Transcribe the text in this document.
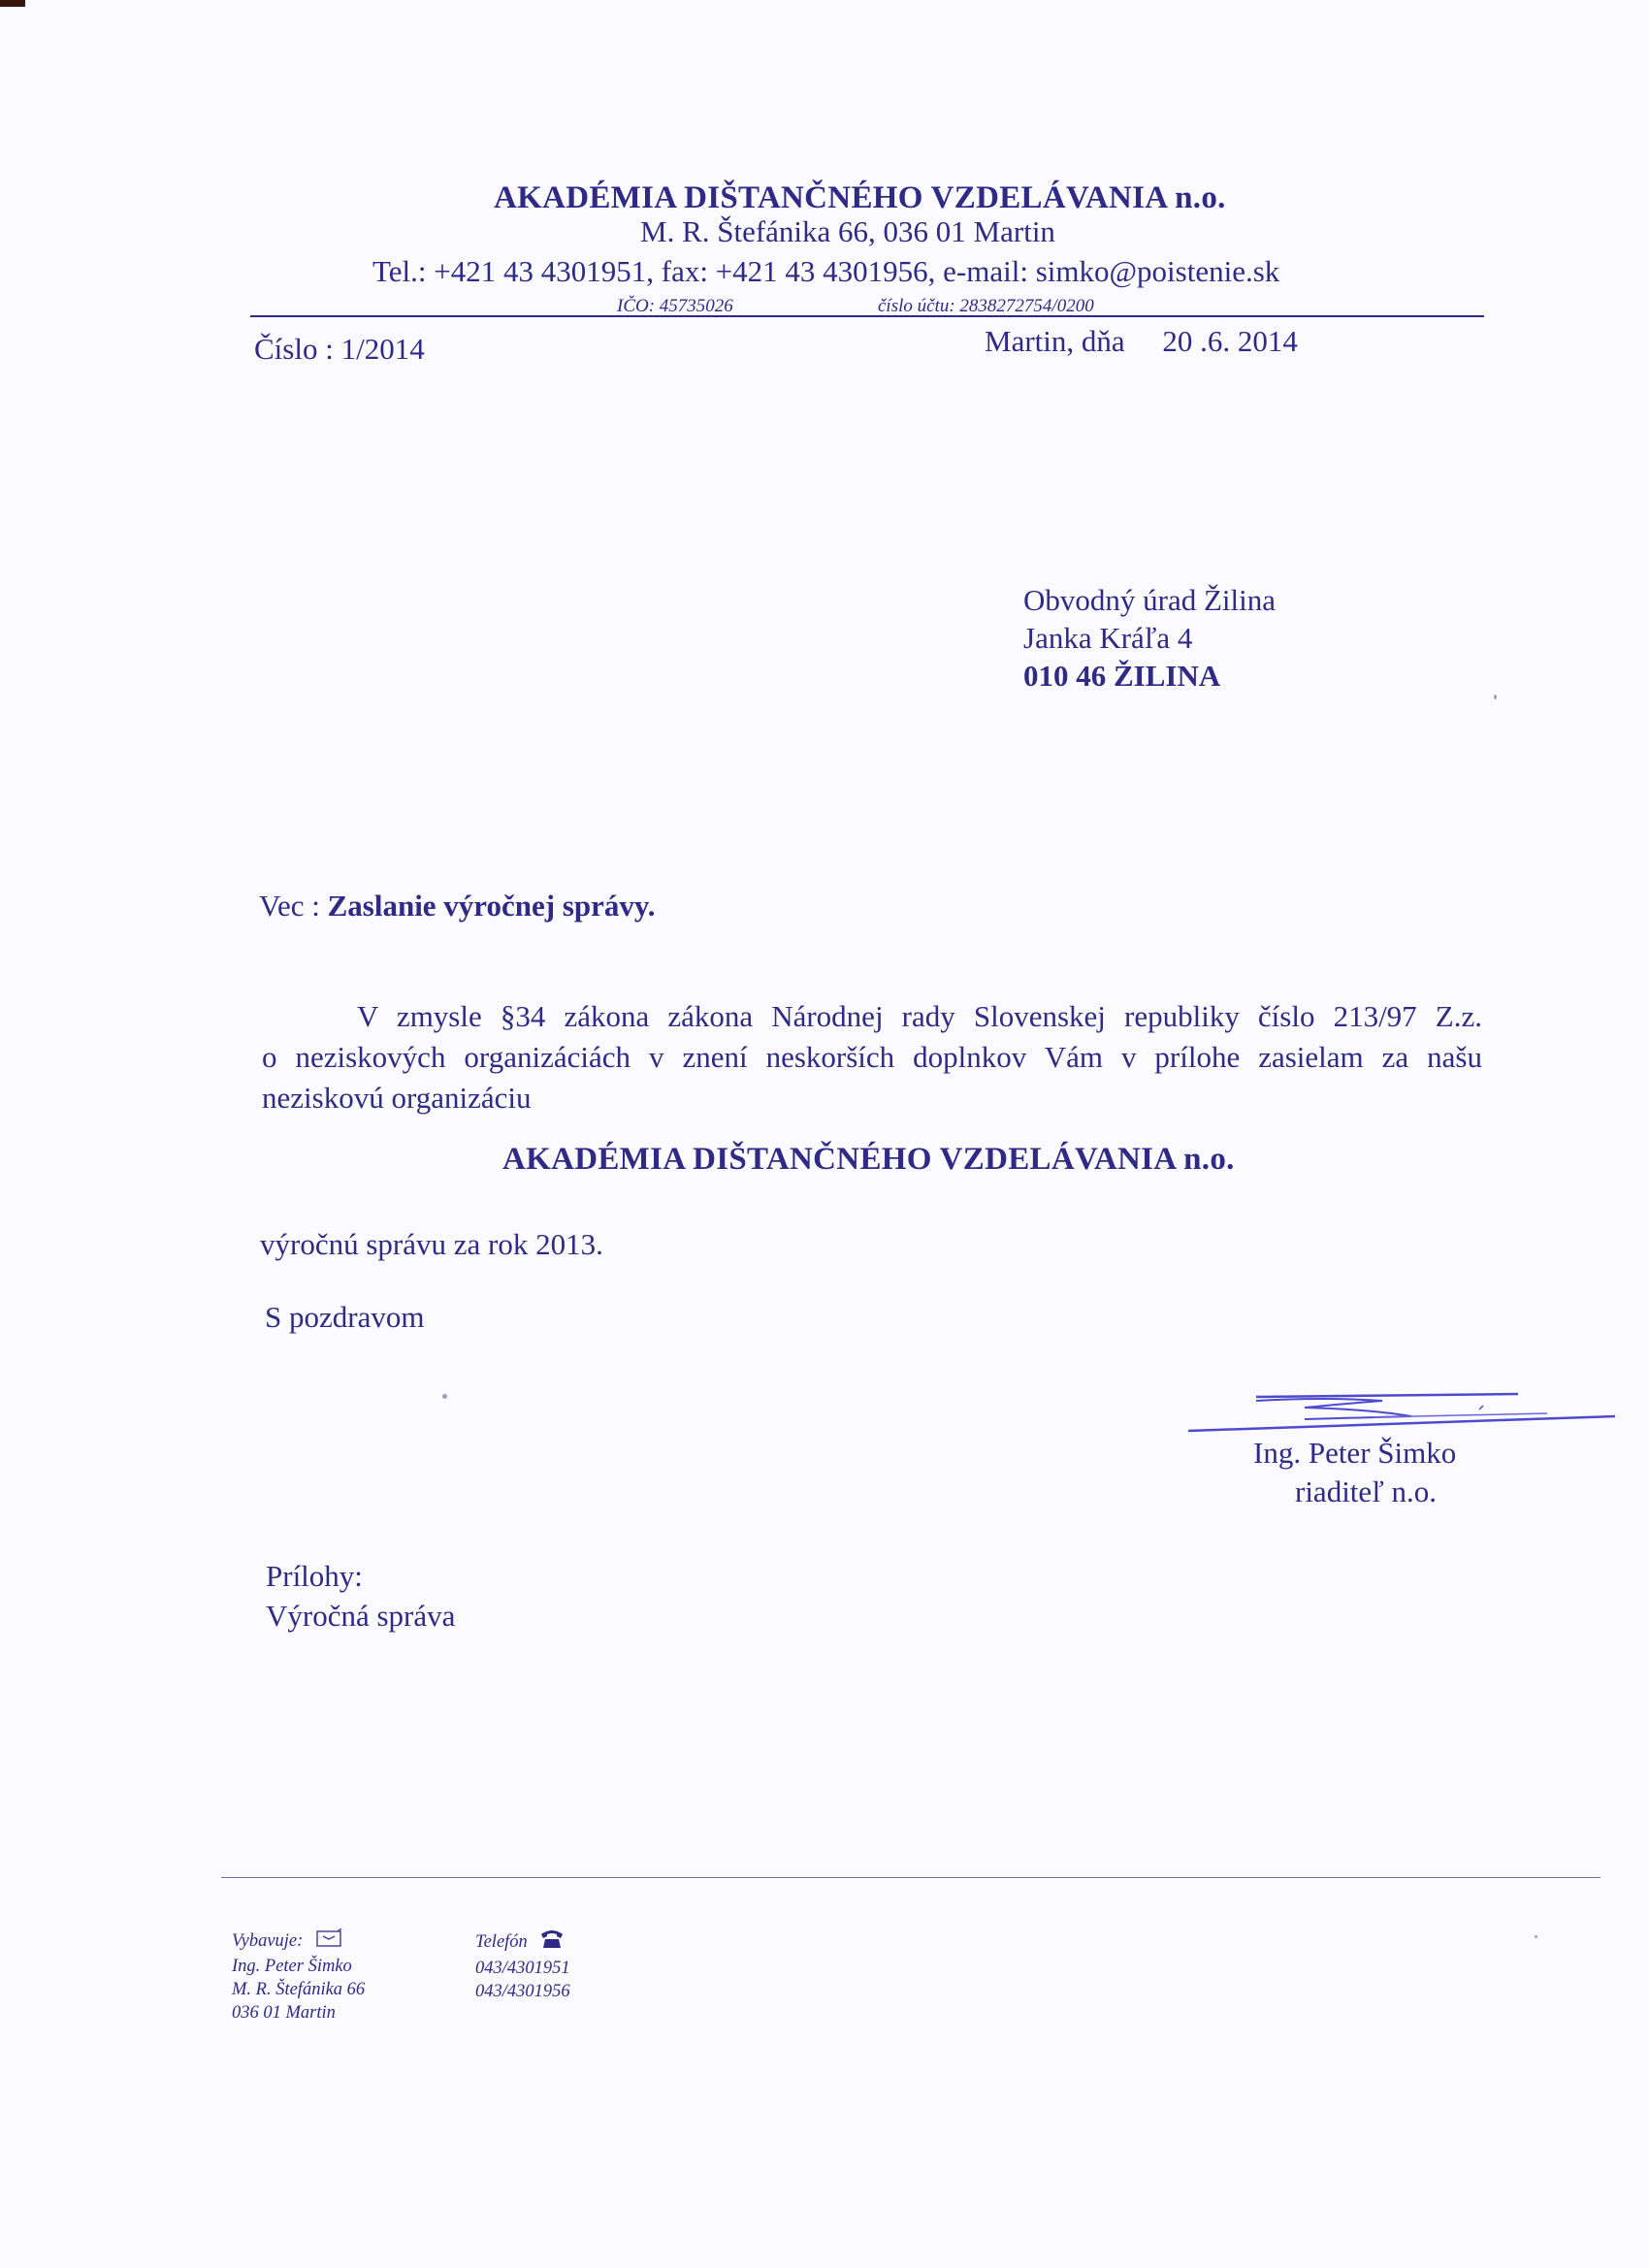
AKADÉMIA DIŠTANČNÉHO VZDELÁVANIA n.o.
M. R. Štefánika 66, 036 01 Martin
Tel.: +421 43 4301951, fax: +421 43 4301956, e-mail: simko@poistenie.sk
IČO: 45735026	číslo účtu: 2838272754/0200
Číslo : 1/2014	Martin, dňa     20 .6. 2014
Obvodný úrad Žilina
Janka Kráľa 4
010 46 ŽILINA
Vec : Zaslanie výročnej správy.
V zmysle §34 zákona zákona Národnej rady Slovenskej republiky číslo 213/97 Z.z.
o neziskových organizáciách v znení neskorších doplnkov Vám v prílohe zasielam za našu
neziskovú organizáciu
AKADÉMIA DIŠTANČNÉHO VZDELÁVANIA n.o.
výročnú správu za rok 2013.
S pozdravom
Ing. Peter Šimko
riaditeľ n.o.
Prílohy:
Výročná správa
Vybavuje:
Ing. Peter Šimko
M. R. Štefánika 66
036 01 Martin
Telefón
043/4301951
043/4301956
